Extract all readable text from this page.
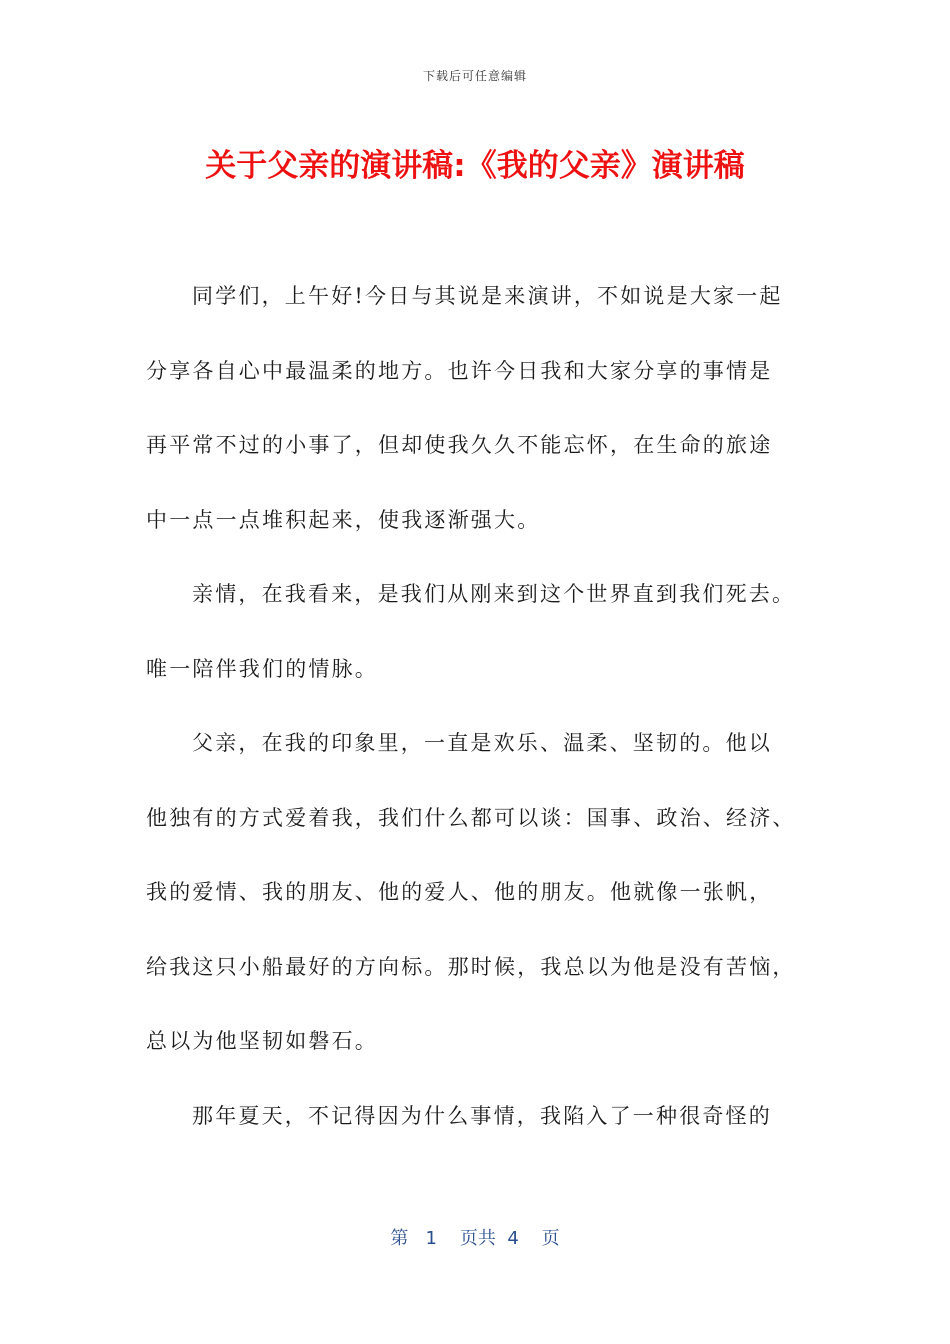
下载后可任意编辑
关于父亲的演讲稿:《我的父亲》演讲稿
同学们，上午好!今日与其说是来演讲，不如说是大家一起
分享各自心中最温柔的地方。也许今日我和大家分享的事情是
再平常不过的小事了，但却使我久久不能忘怀，在生命的旅途
中一点一点堆积起来，使我逐渐强大。
亲情，在我看来，是我们从刚来到这个世界直到我们死去。
唯一陪伴我们的情脉。
父亲，在我的印象里，一直是欢乐、温柔、坚韧的。他以
他独有的方式爱着我，我们什么都可以谈：国事、政治、经济、
我的爱情、我的朋友、他的爱人、他的朋友。他就像一张帆，
给我这只小船最好的方向标。那时候，我总以为他是没有苦恼，
总以为他坚韧如磐石。
那年夏天，不记得因为什么事情，我陷入了一种很奇怪的
第 1 页共 4 页
